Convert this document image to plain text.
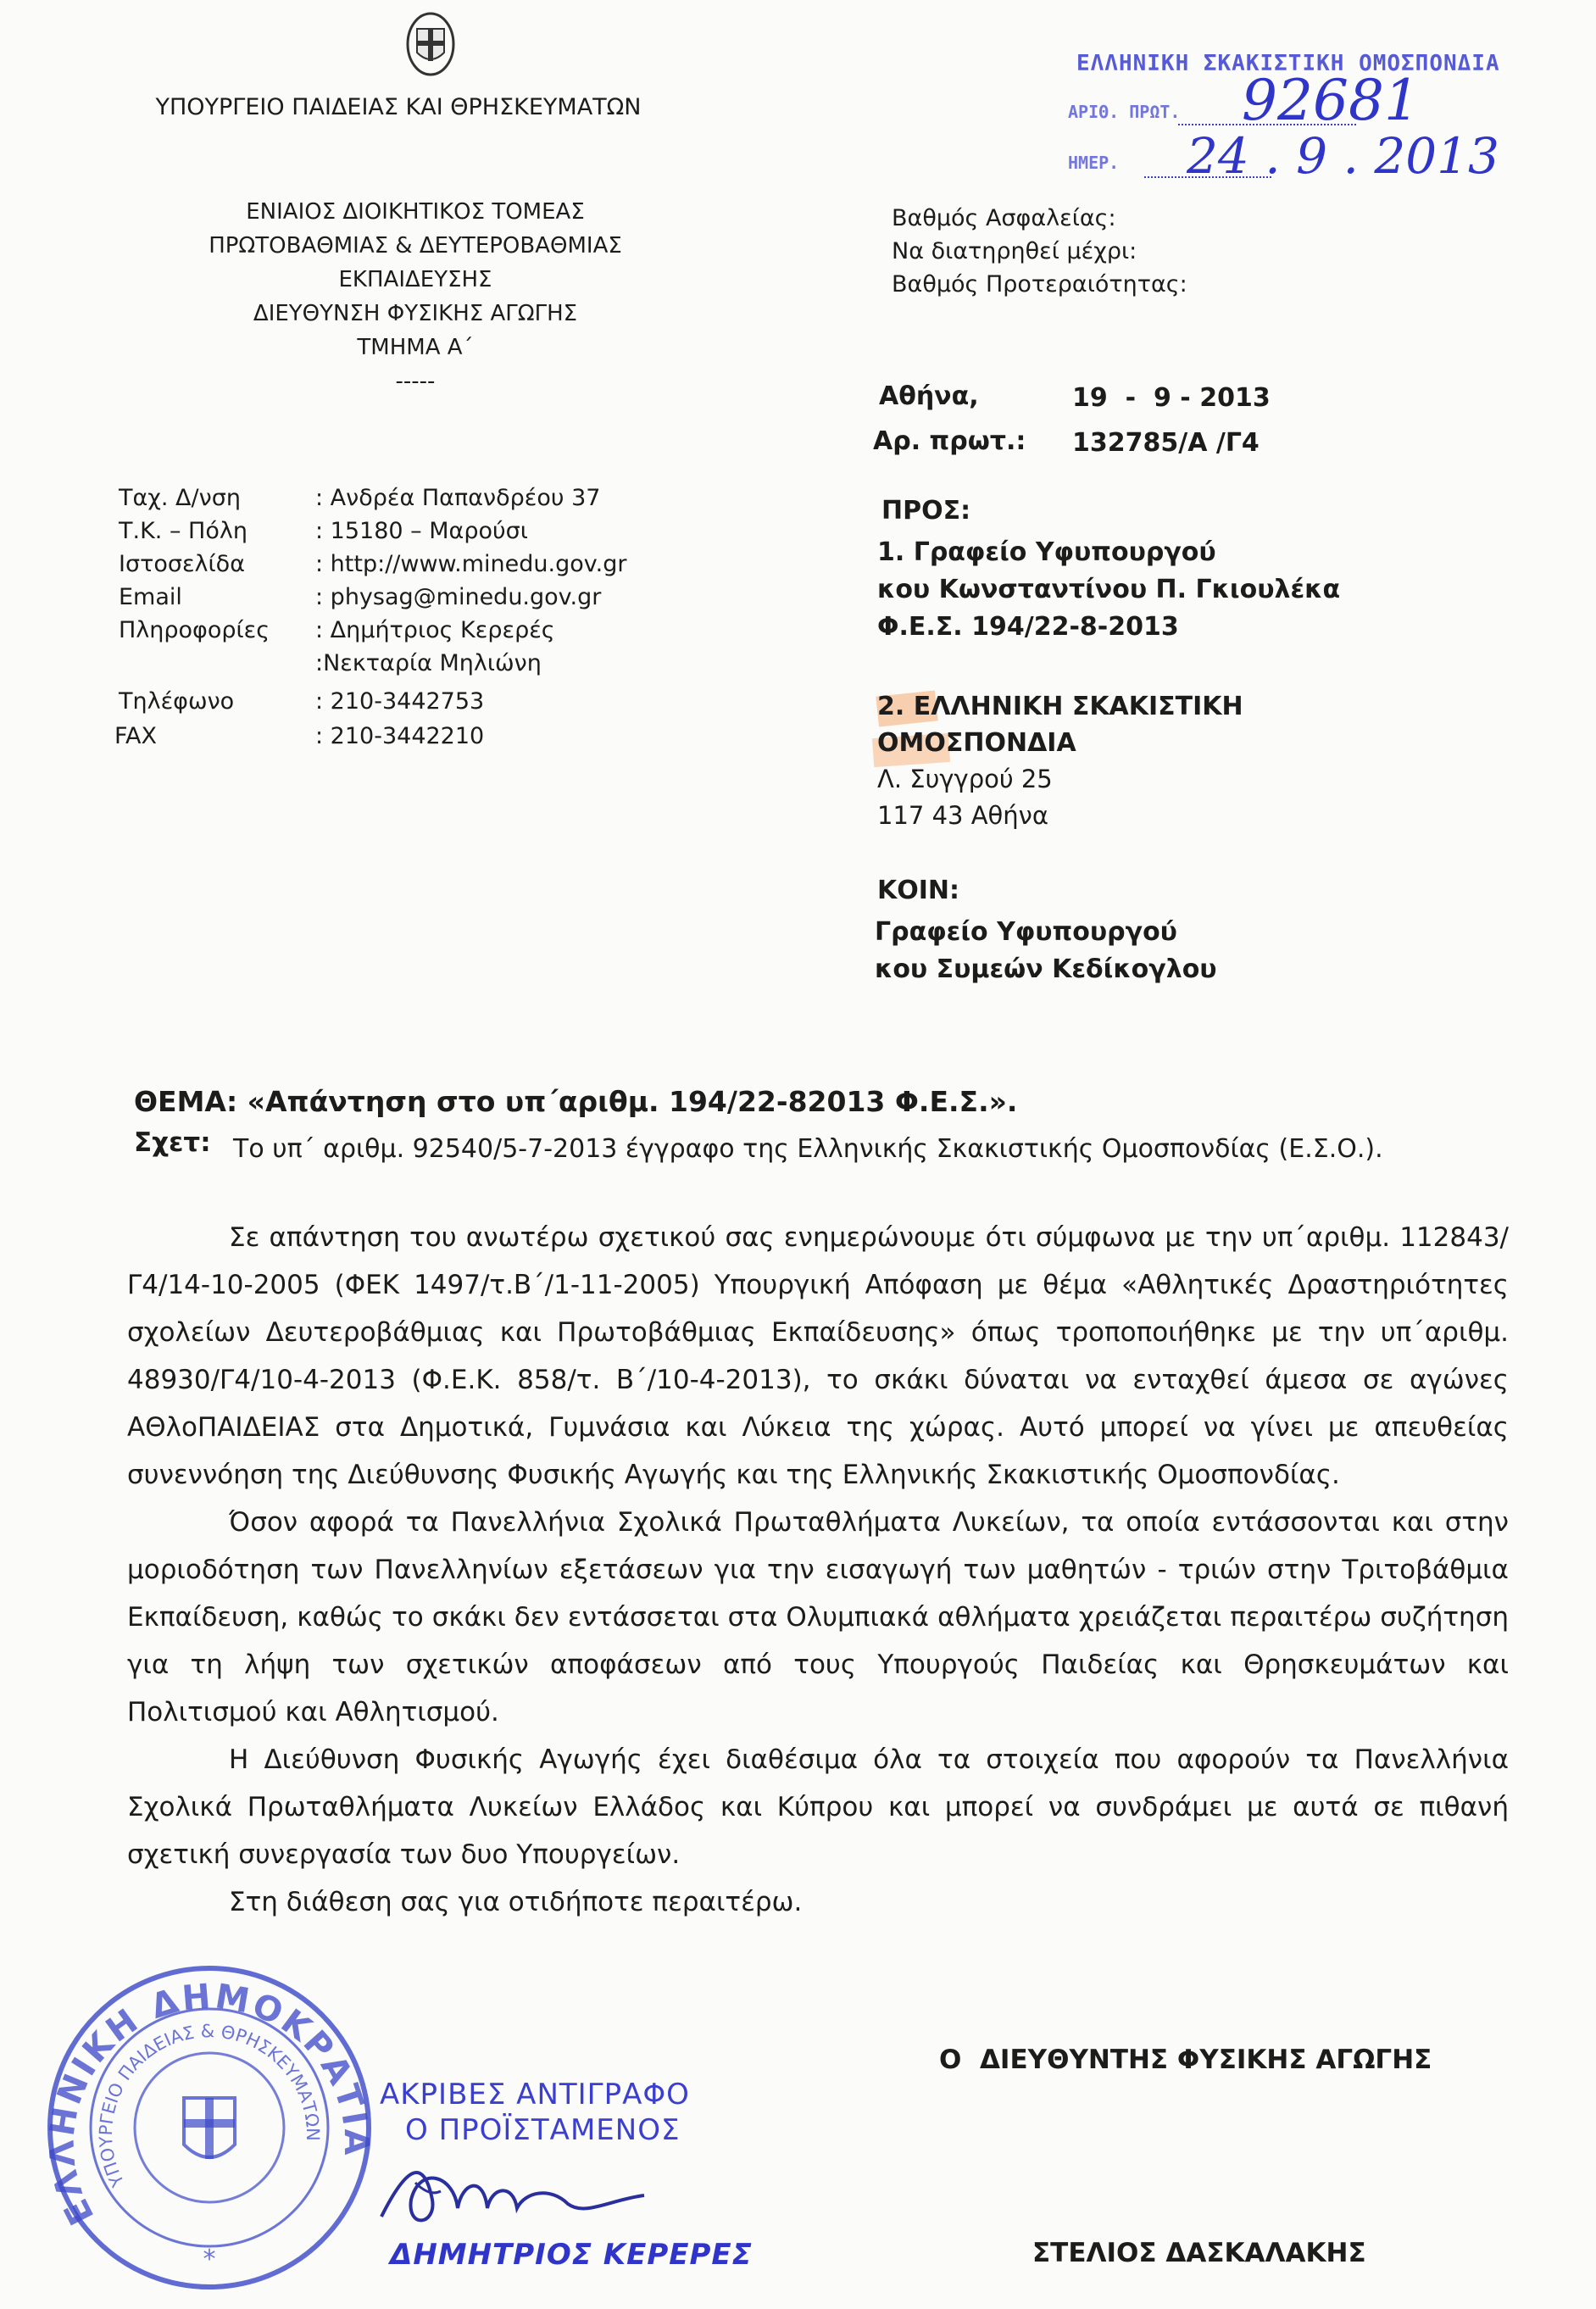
ΥΠΟΥΡΓΕΙΟ ΠΑΙΔΕΙΑΣ ΚΑΙ ΘΡΗΣΚΕΥΜΑΤΩΝ
ΕΝΙΑΙΟΣ ΔΙΟΙΚΗΤΙΚΟΣ ΤΟΜΕΑΣ
ΠΡΩΤΟΒΑΘΜΙΑΣ & ΔΕΥΤΕΡΟΒΑΘΜΙΑΣ
ΕΚΠΑΙΔΕΥΣΗΣ
ΔΙΕΥΘΥΝΣΗ ΦΥΣΙΚΗΣ ΑΓΩΓΗΣ
ΤΜΗΜΑ Α΄
-----
ΕΛΛΗΝΙΚΗ ΣΚΑΚΙΣΤΙΚΗ ΟΜΟΣΠΟΝΔΙΑ
ΑΡΙΘ. ΠΡΩΤ. 92681
ΗΜΕΡ. 24 . 9 . 2013
Βαθμός Ασφαλείας:
Να διατηρηθεί μέχρι:
Βαθμός Προτεραιότητας:
Αθήνα,	19  -  9 - 2013
Αρ. πρωτ.: 132785/Α /Γ4
Ταχ. Δ/νση	: Ανδρέα Παπανδρέου 37
Τ.Κ. – Πόλη	: 15180 – Μαρούσι
Ιστοσελίδα	: http://www.minedu.gov.gr
Email	: physag@minedu.gov.gr
Πληροφορίες : Δημήτριος Κερερές
:Νεκταρία Μηλιώνη
Τηλέφωνο	: 210-3442753
FAX	: 210-3442210
ΠΡΟΣ:
1. Γραφείο Υφυπουργού
κου Κωνσταντίνου Π. Γκιουλέκα
Φ.Ε.Σ. 194/22-8-2013
2. ΕΛΛΗΝΙΚΗ ΣΚΑΚΙΣΤΙΚΗ
ΟΜΟΣΠΟΝΔΙΑ
Λ. Συγγρού 25
117 43 Αθήνα
ΚΟΙΝ:
Γραφείο Υφυπουργού
κου Συμεών Κεδίκογλου
ΘΕΜΑ: «Απάντηση στο υπ΄αριθμ. 194/22-82013 Φ.Ε.Σ.».
Σχετ: Το υπ΄ αριθμ. 92540/5-7-2013 έγγραφο της Ελληνικής Σκακιστικής Ομοσπονδίας (Ε.Σ.Ο.).

Σε απάντηση του ανωτέρω σχετικού σας ενημερώνουμε ότι σύμφωνα με την υπ΄αριθμ. 112843/Γ4/14-10-2005 (ΦΕΚ 1497/τ.Β΄/1-11-2005) Υπουργική Απόφαση με θέμα «Αθλητικές Δραστηριότητες σχολείων Δευτεροβάθμιας και Πρωτοβάθμιας Εκπαίδευσης» όπως τροποποιήθηκε με την υπ΄αριθμ. 48930/Γ4/10-4-2013 (Φ.Ε.Κ. 858/τ. Β΄/10-4-2013), το σκάκι δύναται να ενταχθεί άμεσα σε αγώνες ΑΘλοΠΑΙΔΕΙΑΣ στα Δημοτικά, Γυμνάσια και Λύκεια της χώρας. Αυτό μπορεί να γίνει με απευθείας συνεννόηση της Διεύθυνσης Φυσικής Αγωγής και της Ελληνικής Σκακιστικής Ομοσπονδίας.

Όσον αφορά τα Πανελλήνια Σχολικά Πρωταθλήματα Λυκείων, τα οποία εντάσσονται και στην μοριοδότηση των Πανελληνίων εξετάσεων για την εισαγωγή των μαθητών - τριών στην Τριτοβάθμια Εκπαίδευση, καθώς το σκάκι δεν εντάσσεται στα Ολυμπιακά αθλήματα χρειάζεται περαιτέρω συζήτηση για τη λήψη των σχετικών αποφάσεων από τους Υπουργούς Παιδείας και Θρησκευμάτων και Πολιτισμού και Αθλητισμού.

Η Διεύθυνση Φυσικής Αγωγής έχει διαθέσιμα όλα τα στοιχεία που αφορούν τα Πανελλήνια Σχολικά Πρωταθλήματα Λυκείων Ελλάδος και Κύπρου και μπορεί να συνδράμει με αυτά σε πιθανή σχετική συνεργασία των δυο Υπουργείων.

Στη διάθεση σας για οτιδήποτε περαιτέρω.

Ο  ΔΙΕΥΘΥΝΤΗΣ ΦΥΣΙΚΗΣ ΑΓΩΓΗΣ
ΣΤΕΛΙΟΣ ΔΑΣΚΑΛΑΚΗΣ
ΕΛΛΗΝΙΚΗ ΔΗΜΟΚΡΑΤΙΑ
ΥΠΟΥΡΓΕΙΟ ΠΑΙΔΕΙΑΣ & ΘΡΗΣΚΕΥΜΑΤΩΝ
*
ΑΚΡΙΒΕΣ ΑΝΤΙΓΡΑΦΟ
Ο ΠΡΟΪΣΤΑΜΕΝΟΣ
ΔΗΜΗΤΡΙΟΣ ΚΕΡΕΡΕΣ
